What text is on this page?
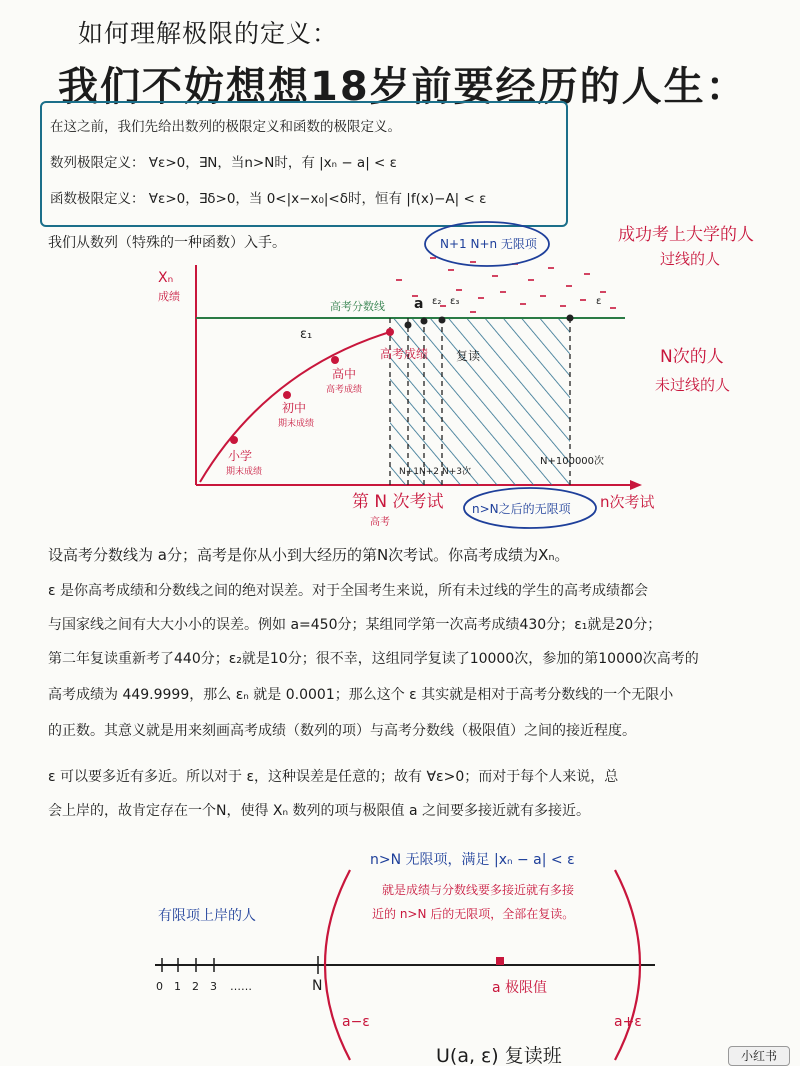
如何理解极限的定义：
我们不妨想想18岁前要经历的人生：
在这之前，我们先给出数列的极限定义和函数的极限定义。
数列极限定义： ∀ε>0，∃N，当n>N时，有 |xₙ − a| < ε
函数极限定义： ∀ε>0，∃δ>0，当 0<|x−x₀|<δ时，恒有 |f(x)−A| < ε
我们从数列（特殊的一种函数）入手。	N+1 N+n 无限项
Xₙ
成绩
高考分数线
ε₁
a ε₂ ε₃	ε
高考成绩 复读
高中
高考成绩
初中
期末成绩
小学
期末成绩	N+1 N+2 N+3次
N+100000次
第 N 次考试
高考
n>N之后的无限项 n次考试
成功考上大学的人
过线的人
N次的人
未过线的人
设高考分数线为 a分；高考是你从小到大经历的第N次考试。你高考成绩为Xₙ。
ε 是你高考成绩和分数线之间的绝对误差。对于全国考生来说，所有未过线的学生的高考成绩都会
与国家线之间有大大小小的误差。例如 a=450分；某组同学第一次高考成绩430分；ε₁就是20分；
第二年复读重新考了440分；ε₂就是10分；很不幸，这组同学复读了10000次，参加的第10000次高考的
高考成绩为 449.9999，那么 εₙ 就是 0.0001；那么这个 ε 其实就是相对于高考分数线的一个无限小
的正数。其意义就是用来刻画高考成绩（数列的项）与高考分数线（极限值）之间的接近程度。
ε 可以要多近有多近。所以对于 ε，这种误差是任意的；故有 ∀ε>0；而对于每个人来说，总
会上岸的，故肯定存在一个N，使得 Xₙ 数列的项与极限值 a 之间要多接近就有多接近。
n>N 无限项，满足 |xₙ − a| < ε
就是成绩与分数线要多接近就有多接
近的 n>N 后的无限项，全部在复读。
有限项上岸的人
0 1 2 3 ……	N	a 极限值
a−ε	a+ε
U(a, ε) 复读班	小红书
